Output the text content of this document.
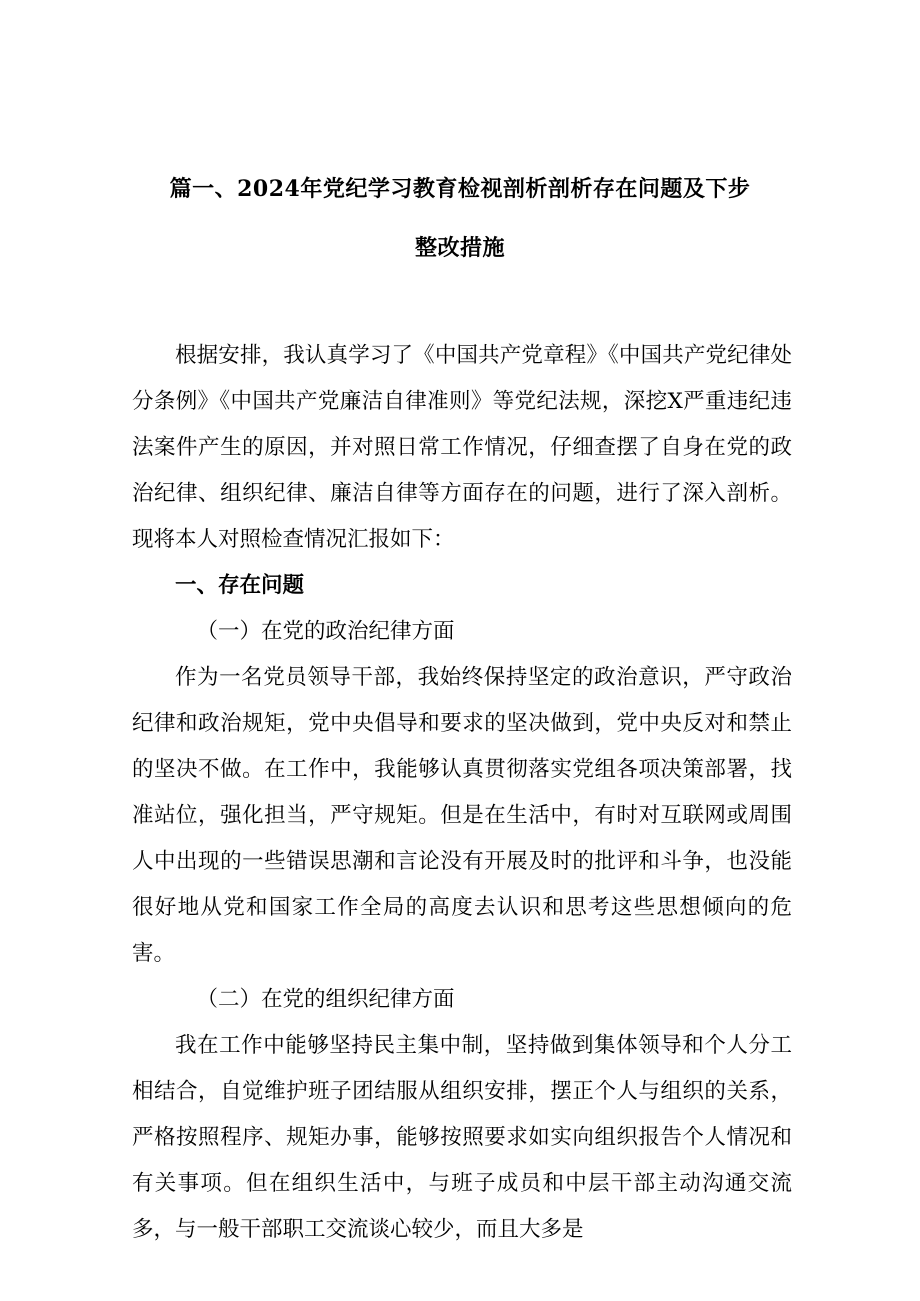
篇一、2024年党纪学习教育检视剖析剖析存在问题及下步
整改措施

根据安排，我认真学习了《中国共产党章程》《中国共产党纪律处分条例》《中国共产党廉洁自律准则》等党纪法规，深挖X严重违纪违法案件产生的原因，并对照日常工作情况，仔细查摆了自身在党的政治纪律、组织纪律、廉洁自律等方面存在的问题，进行了深入剖析。现将本人对照检查情况汇报如下：

一、存在问题

（一）在党的政治纪律方面

作为一名党员领导干部，我始终保持坚定的政治意识，严守政治纪律和政治规矩，党中央倡导和要求的坚决做到，党中央反对和禁止的坚决不做。在工作中，我能够认真贯彻落实党组各项决策部署，找准站位，强化担当，严守规矩。但是在生活中，有时对互联网或周围人中出现的一些错误思潮和言论没有开展及时的批评和斗争，也没能很好地从党和国家工作全局的高度去认识和思考这些思想倾向的危害。

（二）在党的组织纪律方面

我在工作中能够坚持民主集中制，坚持做到集体领导和个人分工相结合，自觉维护班子团结服从组织安排，摆正个人与组织的关系，严格按照程序、规矩办事，能够按照要求如实向组织报告个人情况和有关事项。但在组织生活中，与班子成员和中层干部主动沟通交流多，与一般干部职工交流谈心较少，而且大多是
